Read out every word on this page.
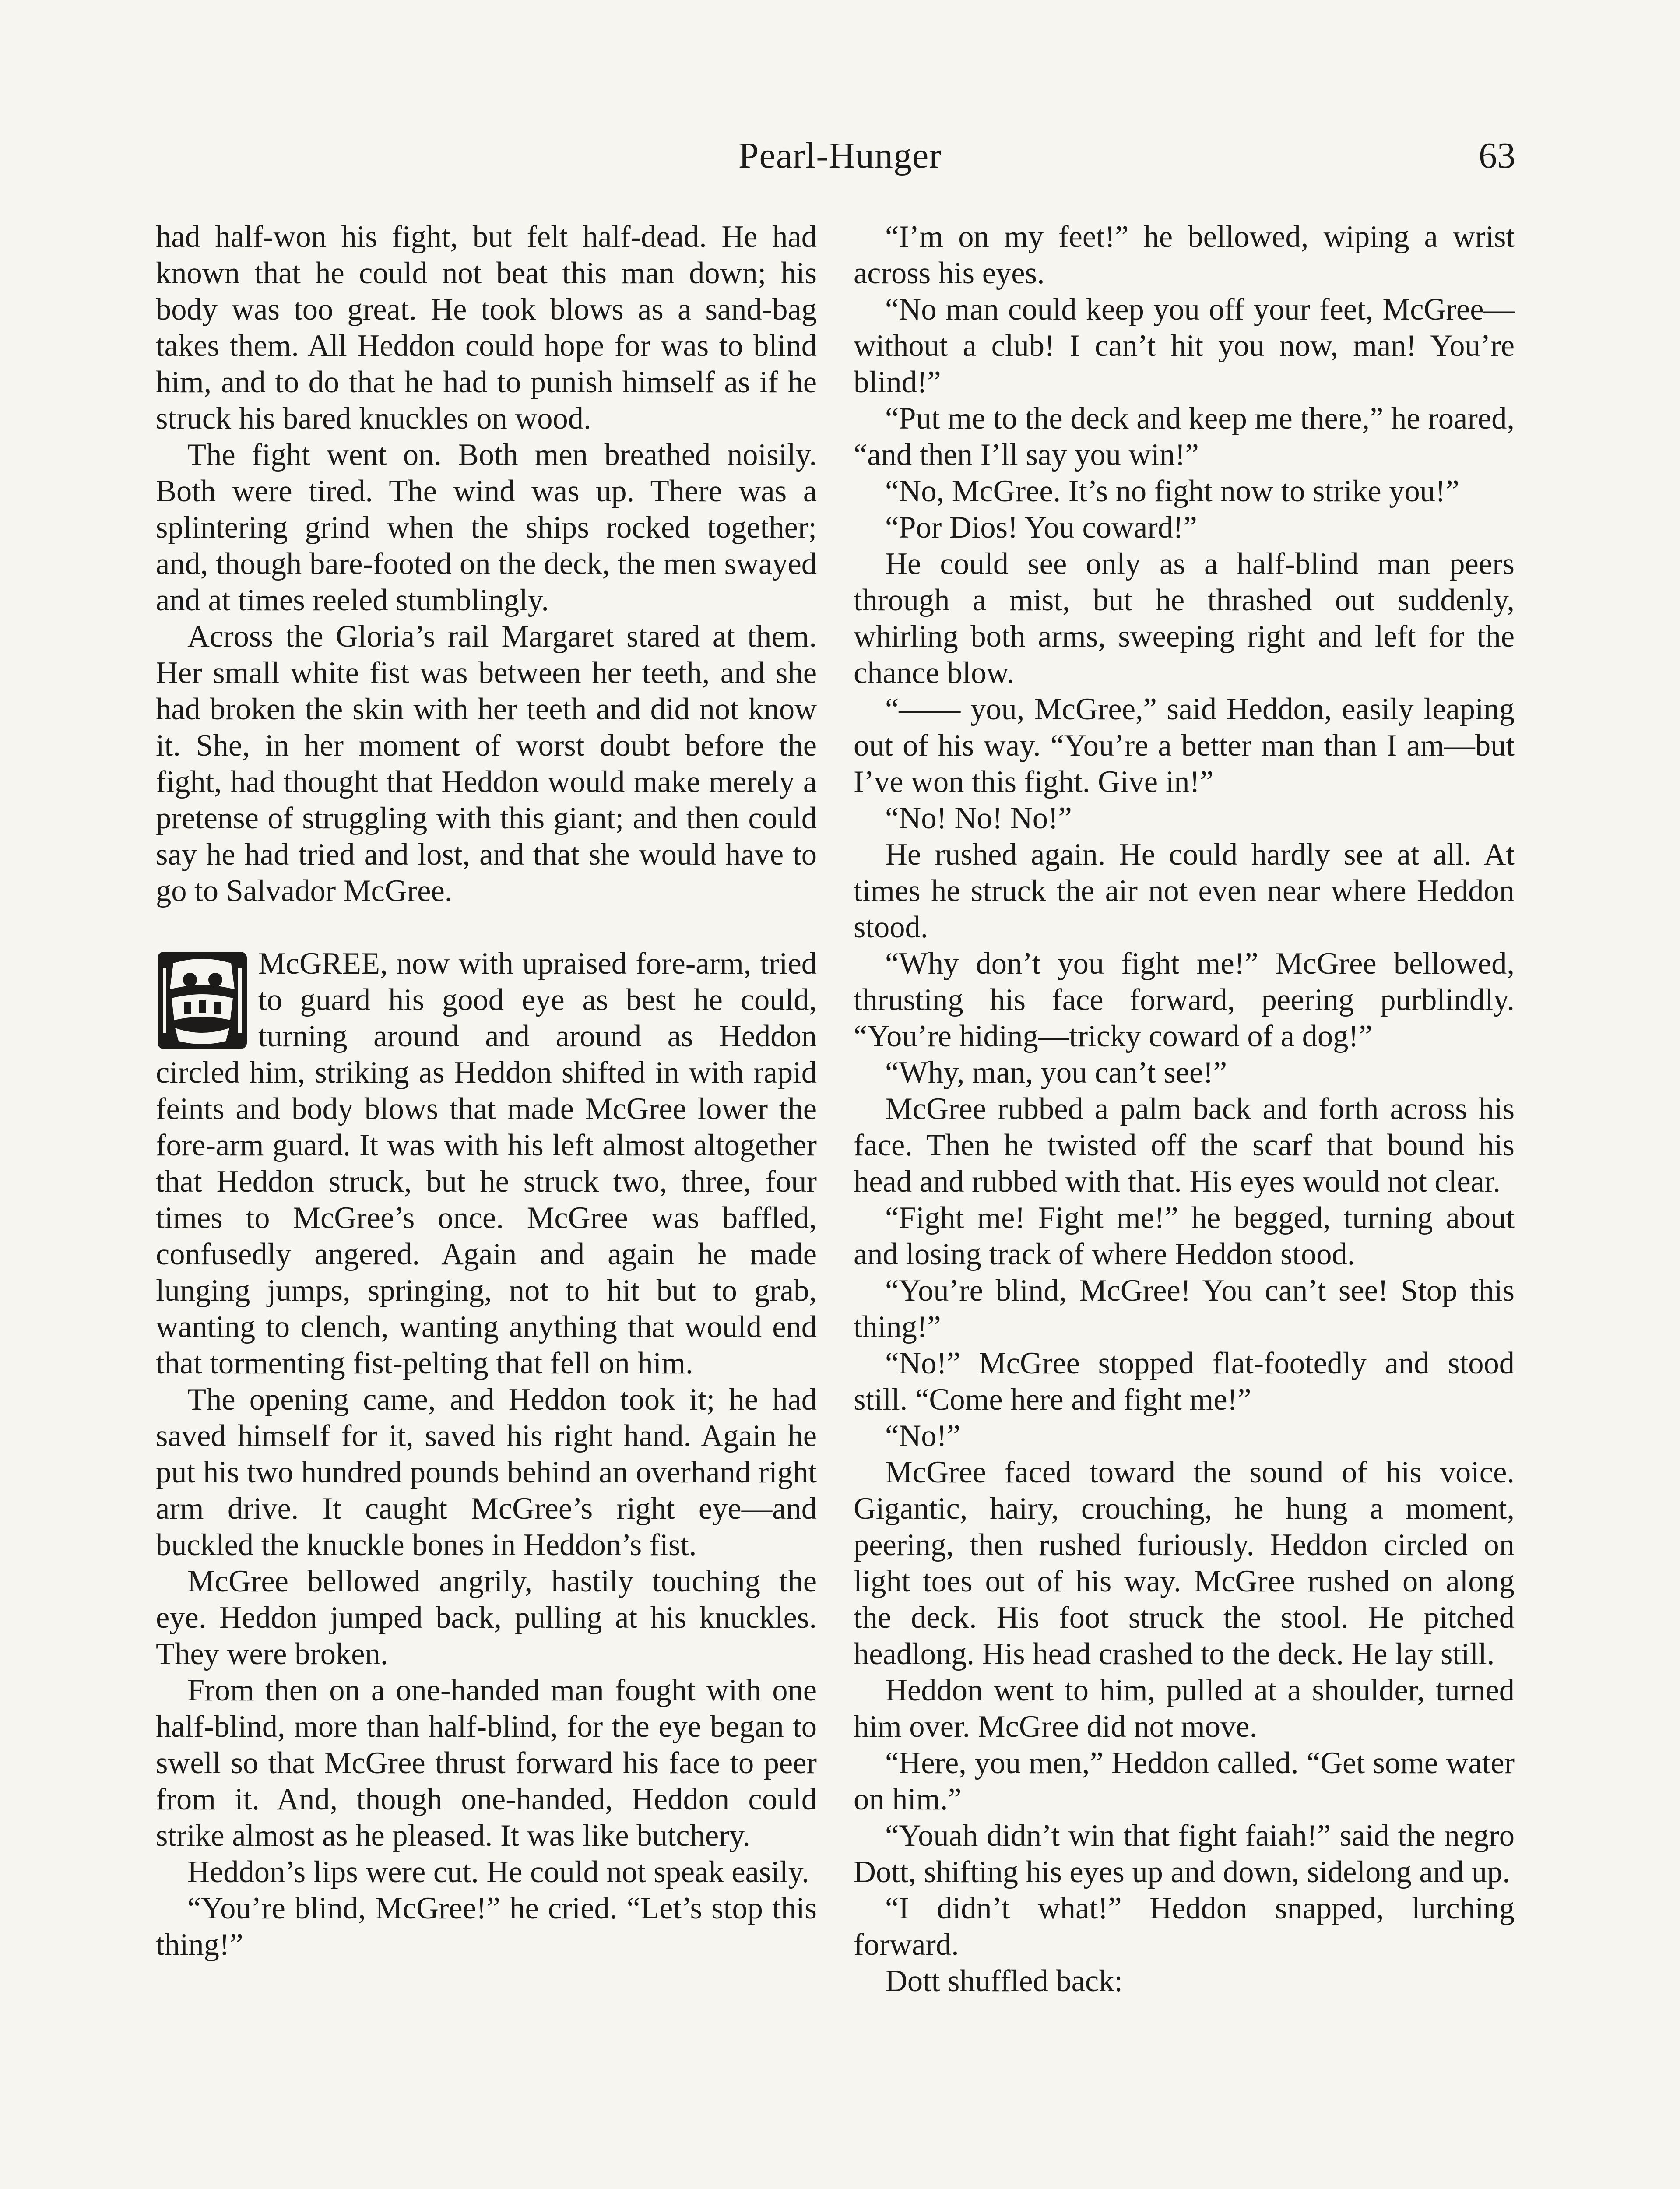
Pearl-Hunger	63

had half-won his fight, but felt half-dead. He had known that he could not beat this man down; his body was too great. He took blows as a sand-bag takes them. All Heddon could hope for was to blind him, and to do that he had to punish himself as if he struck his bared knuckles on wood.

The fight went on. Both men breathed noisily. Both were tired. The wind was up. There was a splintering grind when the ships rocked together; and, though bare-footed on the deck, the men swayed and at times reeled stumblingly.

Across the Gloria’s rail Margaret stared at them. Her small white fist was between her teeth, and she had broken the skin with her teeth and did not know it. She, in her moment of worst doubt before the fight, had thought that Heddon would make merely a pretense of struggling with this giant; and then could say he had tried and lost, and that she would have to go to Salvador McGree.

McGREE, now with upraised fore-arm, tried to guard his good eye as best he could, turning around and around as Heddon circled him, striking as Heddon shifted in with rapid feints and body blows that made McGree lower the fore-arm guard. It was with his left almost altogether that Heddon struck, but he struck two, three, four times to McGree’s once. McGree was baffled, confusedly angered. Again and again he made lunging jumps, springing, not to hit but to grab, wanting to clench, wanting anything that would end that tormenting fist-pelting that fell on him.

The opening came, and Heddon took it; he had saved himself for it, saved his right hand. Again he put his two hundred pounds behind an overhand right arm drive. It caught McGree’s right eye—and buckled the knuckle bones in Heddon’s fist.

McGree bellowed angrily, hastily touching the eye. Heddon jumped back, pulling at his knuckles. They were broken.

From then on a one-handed man fought with one half-blind, more than half-blind, for the eye began to swell so that McGree thrust forward his face to peer from it. And, though one-handed, Heddon could strike almost as he pleased. It was like butchery.

Heddon’s lips were cut. He could not speak easily.

“You’re blind, McGree!” he cried. “Let’s stop this thing!”

“I’m on my feet!” he bellowed, wiping a wrist across his eyes.

“No man could keep you off your feet, McGree—without a club! I can’t hit you now, man! You’re blind!”

“Put me to the deck and keep me there,” he roared, “and then I’ll say you win!”

“No, McGree. It’s no fight now to strike you!”

“Por Dios! You coward!”

He could see only as a half-blind man peers through a mist, but he thrashed out suddenly, whirling both arms, sweeping right and left for the chance blow.

“—— you, McGree,” said Heddon, easily leaping out of his way. “You’re a better man than I am—but I’ve won this fight. Give in!”

“No! No! No!”

He rushed again. He could hardly see at all. At times he struck the air not even near where Heddon stood.

“Why don’t you fight me!” McGree bellowed, thrusting his face forward, peering purblindly. “You’re hiding—tricky coward of a dog!”

“Why, man, you can’t see!”

McGree rubbed a palm back and forth across his face. Then he twisted off the scarf that bound his head and rubbed with that. His eyes would not clear.

“Fight me! Fight me!” he begged, turning about and losing track of where Heddon stood.

“You’re blind, McGree! You can’t see! Stop this thing!”

“No!” McGree stopped flat-footedly and stood still. “Come here and fight me!”

“No!”

McGree faced toward the sound of his voice. Gigantic, hairy, crouching, he hung a moment, peering, then rushed furiously. Heddon circled on light toes out of his way. McGree rushed on along the deck. His foot struck the stool. He pitched headlong. His head crashed to the deck. He lay still.

Heddon went to him, pulled at a shoulder, turned him over. McGree did not move.

“Here, you men,” Heddon called. “Get some water on him.”

“Youah didn’t win that fight faiah!” said the negro Dott, shifting his eyes up and down, sidelong and up.

“I didn’t what!” Heddon snapped, lurching forward.

Dott shuffled back:
